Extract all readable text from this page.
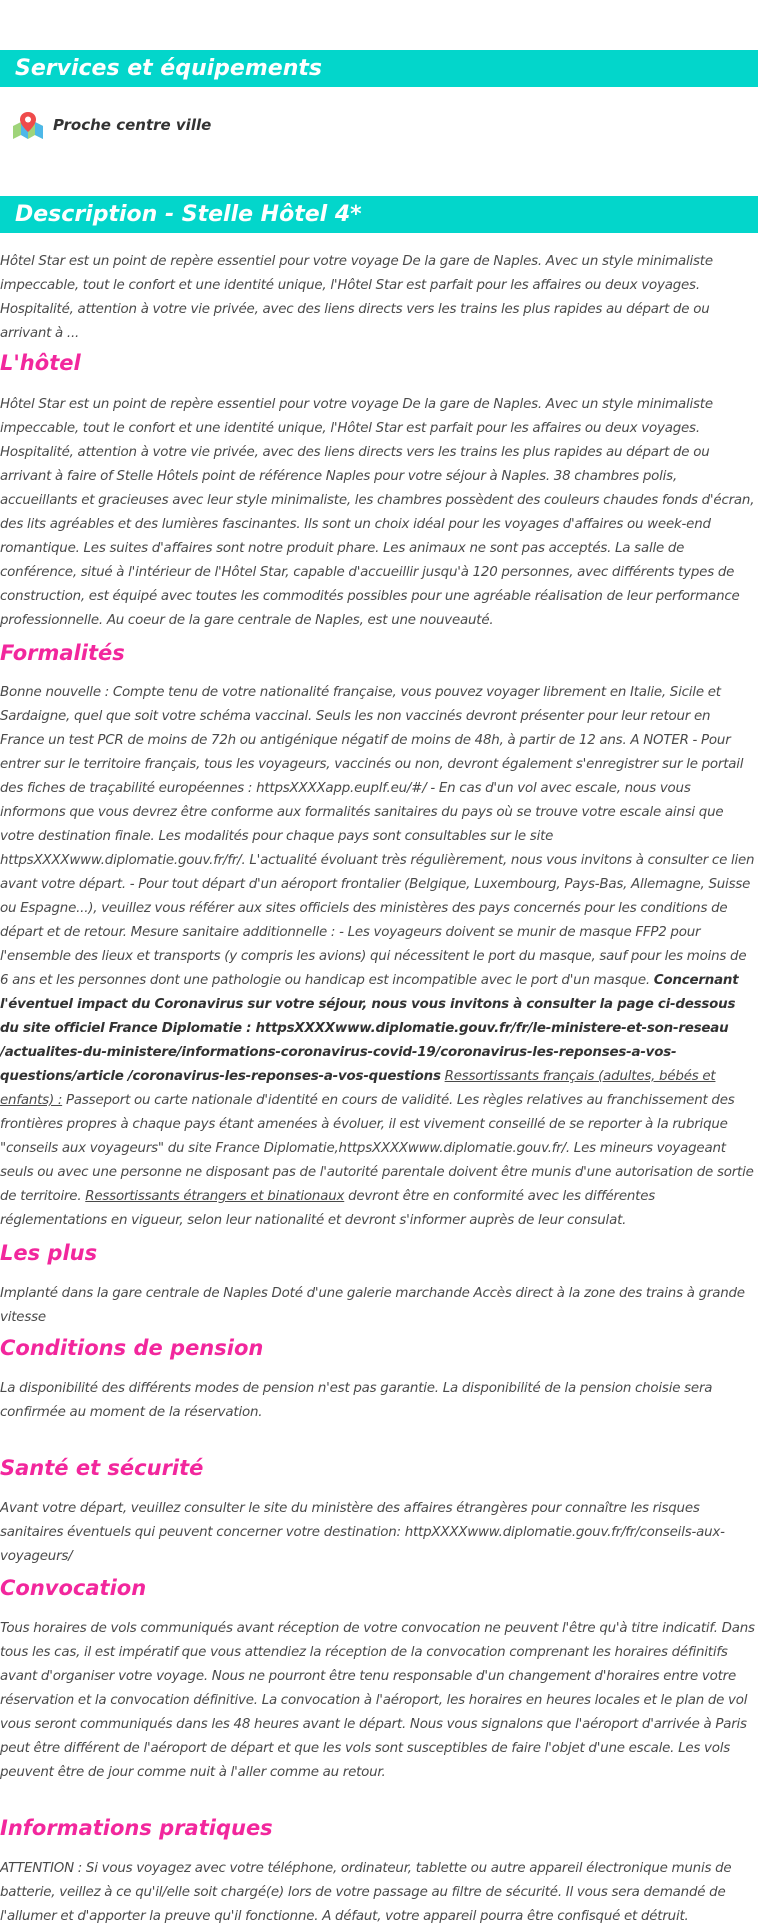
Services et équipements
Proche centre ville
Description - Stelle Hôtel 4*

Hôtel Star est un point de repère essentiel pour votre voyage De la gare de Naples. Avec un style minimaliste impeccable, tout le confort et une identité unique, l'Hôtel Star est parfait pour les affaires ou deux voyages. Hospitalité, attention à votre vie privée, avec des liens directs vers les trains les plus rapides au départ de ou arrivant à ...

L'hôtel

Hôtel Star est un point de repère essentiel pour votre voyage De la gare de Naples. Avec un style minimaliste impeccable, tout le confort et une identité unique, l'Hôtel Star est parfait pour les affaires ou deux voyages. Hospitalité, attention à votre vie privée, avec des liens directs vers les trains les plus rapides au départ de ou arrivant à faire of Stelle Hôtels point de référence Naples pour votre séjour à Naples. 38 chambres polis, accueillants et gracieuses avec leur style minimaliste, les chambres possèdent des couleurs chaudes fonds d'écran, des lits agréables et des lumières fascinantes. Ils sont un choix idéal pour les voyages d'affaires ou week-end romantique. Les suites d'affaires sont notre produit phare. Les animaux ne sont pas acceptés. La salle de conférence, situé à l'intérieur de l'Hôtel Star, capable d'accueillir jusqu'à 120 personnes, avec différents types de construction, est équipé avec toutes les commodités possibles pour une agréable réalisation de leur performance professionnelle. Au coeur de la gare centrale de Naples, est une nouveauté.

Formalités

Bonne nouvelle : Compte tenu de votre nationalité française, vous pouvez voyager librement en Italie, Sicile et Sardaigne, quel que soit votre schéma vaccinal. Seuls les non vaccinés devront présenter pour leur retour en France un test PCR de moins de 72h ou antigénique négatif de moins de 48h, à partir de 12 ans. A NOTER - Pour entrer sur le territoire français, tous les voyageurs, vaccinés ou non, devront également s'enregistrer sur le portail des fiches de traçabilité européennes : httpsXXXXapp.euplf.eu/#/ - En cas d'un vol avec escale, nous vous informons que vous devrez être conforme aux formalités sanitaires du pays où se trouve votre escale ainsi que votre destination finale. Les modalités pour chaque pays sont consultables sur le site httpsXXXXwww.diplomatie.gouv.fr/fr/. L'actualité évoluant très régulièrement, nous vous invitons à consulter ce lien avant votre départ. - Pour tout départ d'un aéroport frontalier (Belgique, Luxembourg, Pays-Bas, Allemagne, Suisse ou Espagne...), veuillez vous référer aux sites officiels des ministères des pays concernés pour les conditions de départ et de retour. Mesure sanitaire additionnelle : - Les voyageurs doivent se munir de masque FFP2 pour l'ensemble des lieux et transports (y compris les avions) qui nécessitent le port du masque, sauf pour les moins de 6 ans et les personnes dont une pathologie ou handicap est incompatible avec le port d'un masque. Concernant l'éventuel impact du Coronavirus sur votre séjour, nous vous invitons à consulter la page ci-dessous du site officiel France Diplomatie : httpsXXXXwww.diplomatie.gouv.fr/fr/le-ministere-et-son-reseau /actualites-du-ministere/informations-coronavirus-covid-19/coronavirus-les-reponses-a-vos-questions/article /coronavirus-les-reponses-a-vos-questions Ressortissants français (adultes, bébés et enfants) : Passeport ou carte nationale d'identité en cours de validité. Les règles relatives au franchissement des frontières propres à chaque pays étant amenées à évoluer, il est vivement conseillé de se reporter à la rubrique "conseils aux voyageurs" du site France Diplomatie,httpsXXXXwww.diplomatie.gouv.fr/. Les mineurs voyageant seuls ou avec une personne ne disposant pas de l'autorité parentale doivent être munis d'une autorisation de sortie de territoire. Ressortissants étrangers et binationaux devront être en conformité avec les différentes réglementations en vigueur, selon leur nationalité et devront s'informer auprès de leur consulat.

Les plus

Implanté dans la gare centrale de Naples Doté d'une galerie marchande Accès direct à la zone des trains à grande vitesse

Conditions de pension

La disponibilité des différents modes de pension n'est pas garantie. La disponibilité de la pension choisie sera confirmée au moment de la réservation.

Santé et sécurité

Avant votre départ, veuillez consulter le site du ministère des affaires étrangères pour connaître les risques sanitaires éventuels qui peuvent concerner votre destination: httpXXXXwww.diplomatie.gouv.fr/fr/conseils-aux-voyageurs/

Convocation

Tous horaires de vols communiqués avant réception de votre convocation ne peuvent l'être qu'à titre indicatif. Dans tous les cas, il est impératif que vous attendiez la réception de la convocation comprenant les horaires définitifs avant d'organiser votre voyage. Nous ne pourront être tenu responsable d'un changement d'horaires entre votre réservation et la convocation définitive. La convocation à l'aéroport, les horaires en heures locales et le plan de vol vous seront communiqués dans les 48 heures avant le départ. Nous vous signalons que l'aéroport d'arrivée à Paris peut être différent de l'aéroport de départ et que les vols sont susceptibles de faire l'objet d'une escale. Les vols peuvent être de jour comme nuit à l'aller comme au retour.

Informations pratiques

ATTENTION : Si vous voyagez avec votre téléphone, ordinateur, tablette ou autre appareil électronique munis de batterie, veillez à ce qu'il/elle soit chargé(e) lors de votre passage au filtre de sécurité. Il vous sera demandé de l'allumer et d'apporter la preuve qu'il fonctionne. A défaut, votre appareil pourra être confisqué et détruit.
